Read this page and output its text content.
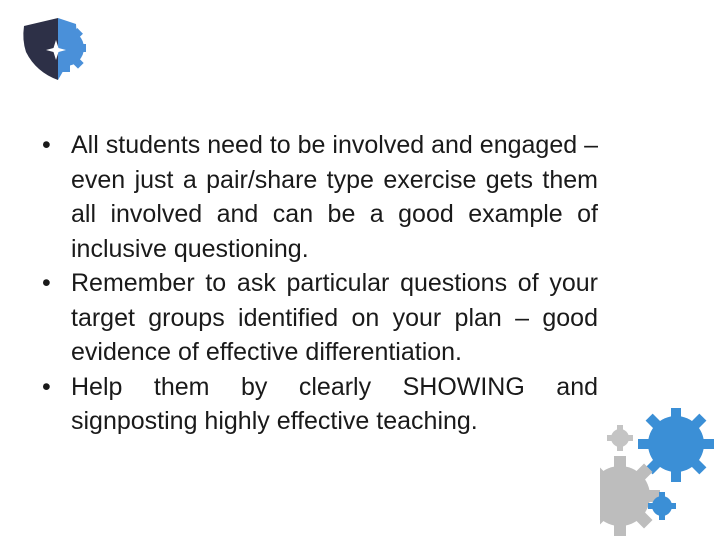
• All students need to be involved and engaged – even just a pair/share type exercise gets them all involved and can be a good example of inclusive questioning.
• Remember to ask particular questions of your target groups identified on your plan – good evidence of effective differentiation.
• Help them by clearly SHOWING and signposting highly effective teaching.
